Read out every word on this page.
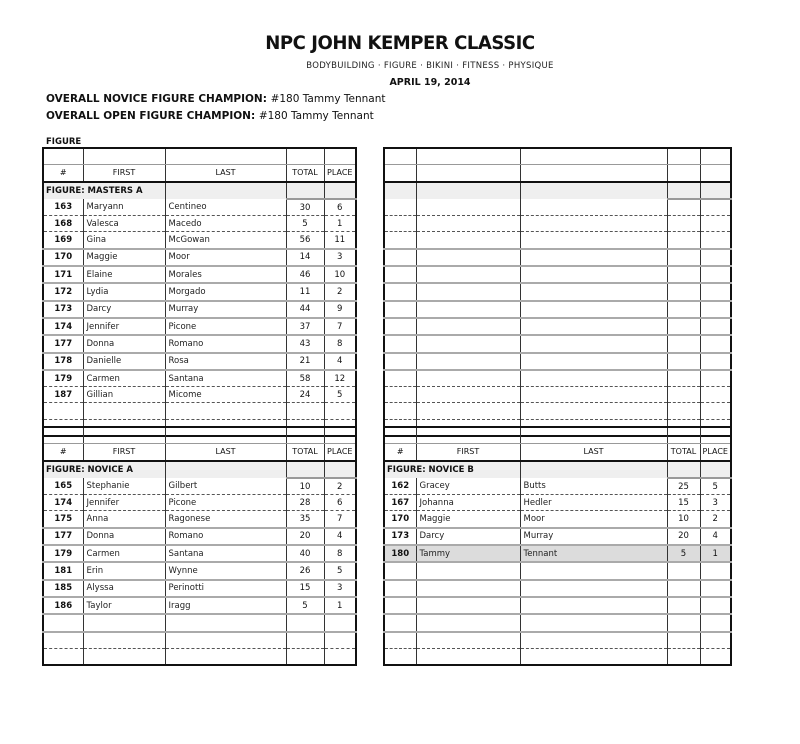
NPC JOHN KEMPER CLASSIC
BODYBUILDING · FIGURE · BIKINI · FITNESS · PHYSIQUE
APRIL 19, 2014
OVERALL NOVICE FIGURE CHAMPION: #180 Tammy Tennant
OVERALL OPEN FIGURE CHAMPION: #180 Tammy Tennant
FIGURE

#	FIRST	LAST	TOTAL	PLACE
FIGURE: MASTERS A				
163	Maryann	Centineo	30	6
168	Valesca	Macedo	5	1
169	Gina	McGowan	56	11
170	Maggie	Moor	14	3
171	Elaine	Morales	46	10
172	Lydia	Morgado	11	2
173	Darcy	Murray	44	9
174	Jennifer	Picone	37	7
177	Donna	Romano	43	8
178	Danielle	Rosa	21	4
179	Carmen	Santana	58	12
187	Gillian	Micome	24	5

#	FIRST	LAST	TOTAL	PLACE
FIGURE: NOVICE A				
165	Stephanie	Gilbert	10	2
174	Jennifer	Picone	28	6
175	Anna	Ragonese	35	7
177	Donna	Romano	20	4
179	Carmen	Santana	40	8
181	Erin	Wynne	26	5
185	Alyssa	Perinotti	15	3
186	Taylor	Iragg	5	1

#	FIRST	LAST	TOTAL	PLACE
FIGURE: NOVICE B				
162	Gracey	Butts	25	5
167	Johanna	Hedler	15	3
170	Maggie	Moor	10	2
173	Darcy	Murray	20	4
180	Tammy	Tennant	5	1
